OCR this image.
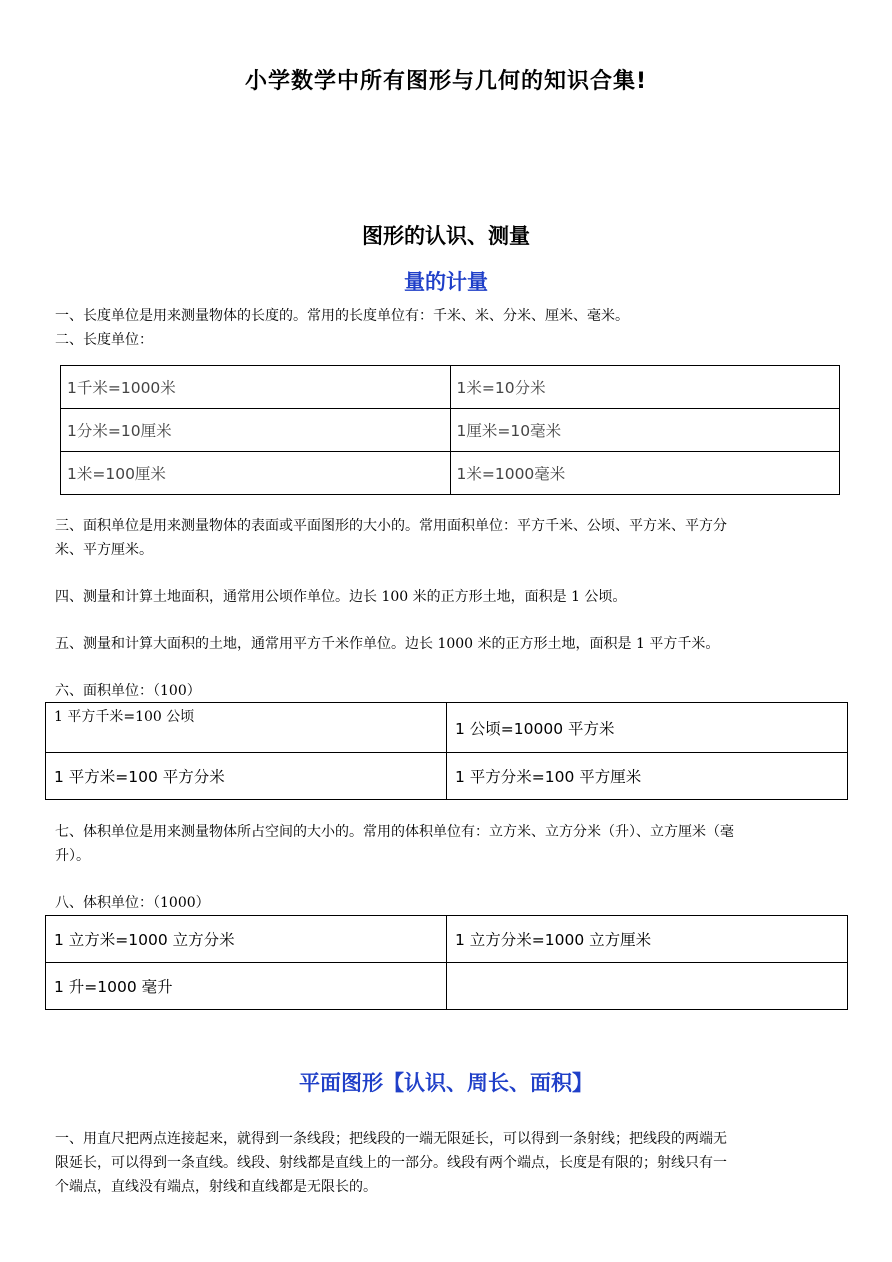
小学数学中所有图形与几何的知识合集!
图形的认识、测量
量的计量
一、长度单位是用来测量物体的长度的。常用的长度单位有：千米、米、分米、厘米、毫米。
二、长度单位：
1千米=1000米	1米=10分米
1分米=10厘米	1厘米=10毫米
1米=100厘米	1米=1000毫米
三、面积单位是用来测量物体的表面或平面图形的大小的。常用面积单位：平方千米、公顷、平方米、平方分
米、平方厘米。
四、测量和计算土地面积，通常用公顷作单位。边长 100 米的正方形土地，面积是 1 公顷。
五、测量和计算大面积的土地，通常用平方千米作单位。边长 1000 米的正方形土地，面积是 1 平方千米。
六、面积单位：（100）
1 平方千米=100 公顷	1 公顷=10000 平方米
1 平方米=100 平方分米	1 平方分米=100 平方厘米
七、体积单位是用来测量物体所占空间的大小的。常用的体积单位有：立方米、立方分米（升）、立方厘米（毫
升）。
八、体积单位：（1000）
1 立方米=1000 立方分米	1 立方分米=1000 立方厘米
1 升=1000 毫升	
平面图形【认识、周长、面积】
一、用直尺把两点连接起来，就得到一条线段；把线段的一端无限延长，可以得到一条射线；把线段的两端无
限延长，可以得到一条直线。线段、射线都是直线上的一部分。线段有两个端点，长度是有限的；射线只有一
个端点，直线没有端点，射线和直线都是无限长的。
